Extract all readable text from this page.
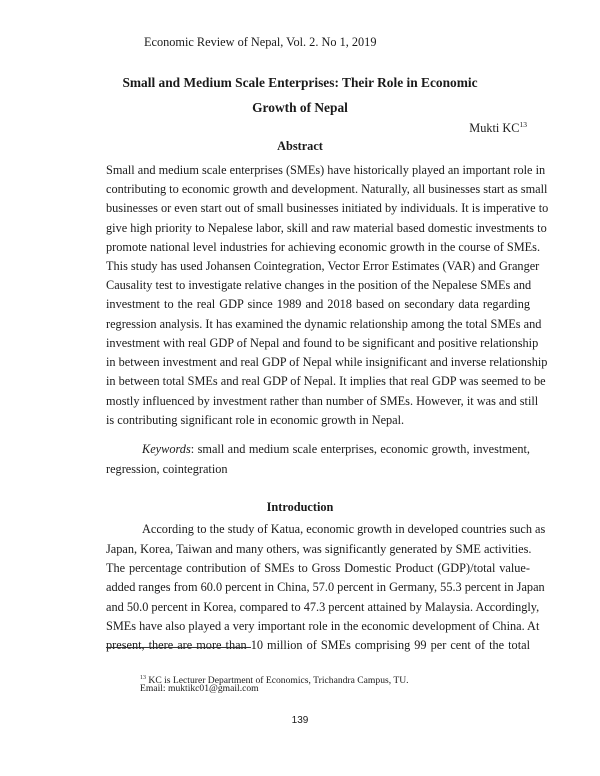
Economic Review of Nepal, Vol. 2. No 1, 2019
Small and Medium Scale Enterprises: Their Role in Economic
Growth of Nepal
Mukti KC$^{13}$
Abstract
Small and medium scale enterprises (SMEs) have historically played an important role in
contributing to economic growth and development. Naturally, all businesses start as small
businesses or even start out of small businesses initiated by individuals. It is imperative to
give high priority to Nepalese labor, skill and raw material based domestic investments to
promote national level industries for achieving economic growth in the course of SMEs.
This study has used Johansen Cointegration, Vector Error Estimates (VAR) and Granger
Causality test to investigate relative changes in the position of the Nepalese SMEs and
investment to the real GDP since 1989 and 2018 based on secondary data regarding
regression analysis. It has examined the dynamic relationship among the total SMEs and
investment with real GDP of Nepal and found to be significant and positive relationship
in between investment and real GDP of Nepal while insignificant and inverse relationship
in between total SMEs and real GDP of Nepal. It implies that real GDP was seemed to be
mostly influenced by investment rather than number of SMEs. However, it was and still
is contributing significant role in economic growth in Nepal.
Keywords: small and medium scale enterprises, economic growth, investment,
regression, cointegration
Introduction
According to the study of Katua, economic growth in developed countries such as
Japan, Korea, Taiwan and many others, was significantly generated by SME activities.
The percentage contribution of SMEs to Gross Domestic Product (GDP)/total value-
added ranges from 60.0 percent in China, 57.0 percent in Germany, 55.3 percent in Japan
and 50.0 percent in Korea, compared to 47.3 percent attained by Malaysia. Accordingly,
SMEs have also played a very important role in the economic development of China. At
present, there are more than 10 million of SMEs comprising 99 per cent of the total
$^{13}$ KC is Lecturer Department of Economics, Trichandra Campus, TU.
Email: muktikc01@gmail.com
139
